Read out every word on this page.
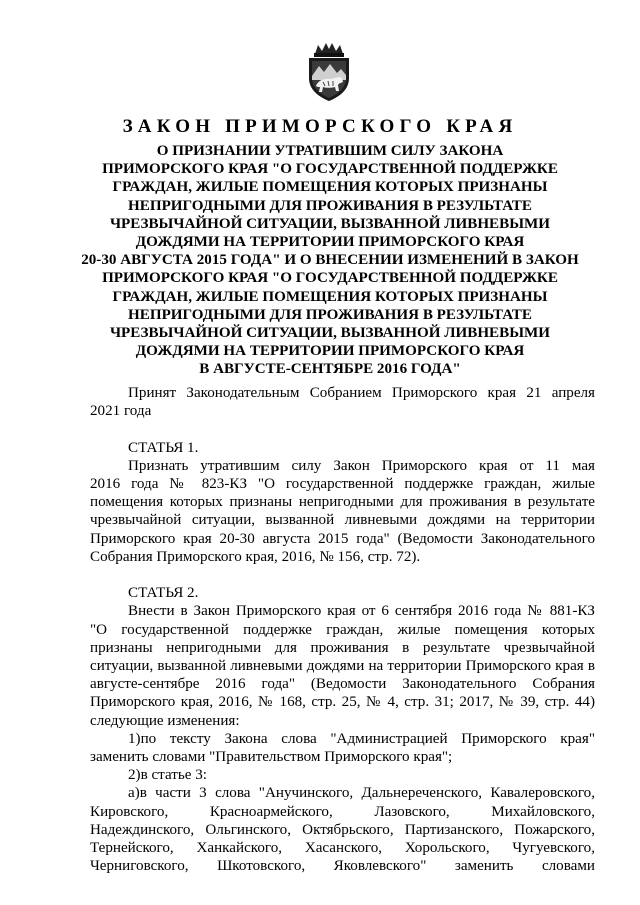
ЗАКОН ПРИМОРСКОГО КРАЯ
О ПРИЗНАНИИ УТРАТИВШИМ СИЛУ ЗАКОНА
ПРИМОРСКОГО КРАЯ "О ГОСУДАРСТВЕННОЙ ПОДДЕРЖКЕ
ГРАЖДАН, ЖИЛЫЕ ПОМЕЩЕНИЯ КОТОРЫХ ПРИЗНАНЫ
НЕПРИГОДНЫМИ ДЛЯ ПРОЖИВАНИЯ В РЕЗУЛЬТАТЕ
ЧРЕЗВЫЧАЙНОЙ СИТУАЦИИ, ВЫЗВАННОЙ ЛИВНЕВЫМИ
ДОЖДЯМИ НА ТЕРРИТОРИИ ПРИМОРСКОГО КРАЯ
20-30 АВГУСТА 2015 ГОДА" И О ВНЕСЕНИИ ИЗМЕНЕНИЙ В ЗАКОН
ПРИМОРСКОГО КРАЯ "О ГОСУДАРСТВЕННОЙ ПОДДЕРЖКЕ
ГРАЖДАН, ЖИЛЫЕ ПОМЕЩЕНИЯ КОТОРЫХ ПРИЗНАНЫ
НЕПРИГОДНЫМИ ДЛЯ ПРОЖИВАНИЯ В РЕЗУЛЬТАТЕ
ЧРЕЗВЫЧАЙНОЙ СИТУАЦИИ, ВЫЗВАННОЙ ЛИВНЕВЫМИ
ДОЖДЯМИ НА ТЕРРИТОРИИ ПРИМОРСКОГО КРАЯ
В АВГУСТЕ-СЕНТЯБРЕ 2016 ГОДА"

Принят Законодательным Собранием Приморского края 21 апреля

2021 года

СТАТЬЯ 1.

Признать утратившим силу Закон Приморского края от 11 мая

2016 года № 823-КЗ "О государственной поддержке граждан, жилые

помещения которых признаны непригодными для проживания в результате

чрезвычайной ситуации, вызванной ливневыми дождями на территории

Приморского края 20-30 августа 2015 года" (Ведомости Законодательного

Собрания Приморского края, 2016, № 156, стр. 72).

СТАТЬЯ 2.

Внести в Закон Приморского края от 6 сентября 2016 года № 881-КЗ

"О государственной поддержке граждан, жилые помещения которых

признаны непригодными для проживания в результате чрезвычайной

ситуации, вызванной ливневыми дождями на территории Приморского края в

августе-сентябре 2016 года" (Ведомости Законодательного Собрания

Приморского края, 2016, № 168, стр. 25, № 4, стр. 31; 2017, № 39, стр. 44)

следующие изменения:

1)по тексту Закона слова "Администрацией Приморского края"

заменить словами "Правительством Приморского края";

2)в статье 3:

а)в части 3 слова "Анучинского, Дальнереченского, Кавалеровского,

Кировского, Красноармейского, Лазовского, Михайловского,

Надеждинского, Ольгинского, Октябрьского, Партизанского, Пожарского,

Тернейского, Ханкайского, Хасанского, Хорольского, Чугуевского,

Черниговского, Шкотовского, Яковлевского" заменить словами
